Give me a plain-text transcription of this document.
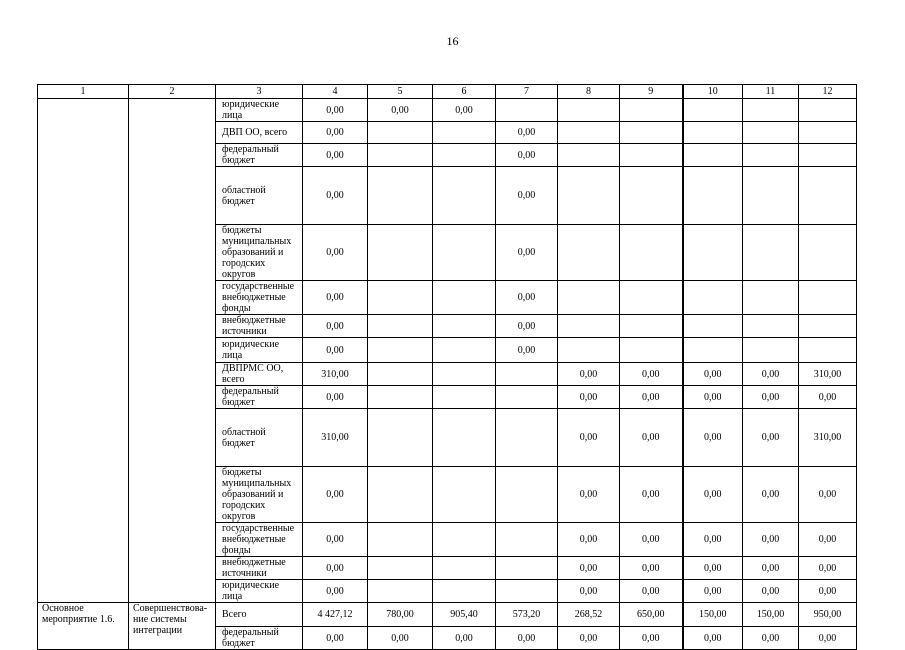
16
1	2	3	4	5	6	7	8	9	10	11	12
		юридические лица	0,00	0,00	0,00						
		ДВП ОО, всего	0,00			0,00					
		федеральный бюджет	0,00			0,00					
		областной бюджет	0,00			0,00					
		бюджеты муниципальных образований и городских округов	0,00			0,00					
		государственные внебюджетные фонды	0,00			0,00					
		внебюджетные источники	0,00			0,00					
		юридические лица	0,00			0,00					
		ДВПРМС ОО, всего	310,00				0,00	0,00	0,00	0,00	310,00
		федеральный бюджет	0,00				0,00	0,00	0,00	0,00	0,00
		областной бюджет	310,00				0,00	0,00	0,00	0,00	310,00
		бюджеты муниципальных образований и городских округов	0,00				0,00	0,00	0,00	0,00	0,00
		государственные внебюджетные фонды	0,00				0,00	0,00	0,00	0,00	0,00
		внебюджетные источники	0,00				0,00	0,00	0,00	0,00	0,00
		юридические лица	0,00				0,00	0,00	0,00	0,00	0,00
Основное мероприятие 1.6.	Совершенствова-ние системы интеграции	Всего	4 427,12	780,00	905,40	573,20	268,52	650,00	150,00	150,00	950,00
		федеральный бюджет	0,00	0,00	0,00	0,00	0,00	0,00	0,00	0,00	0,00
